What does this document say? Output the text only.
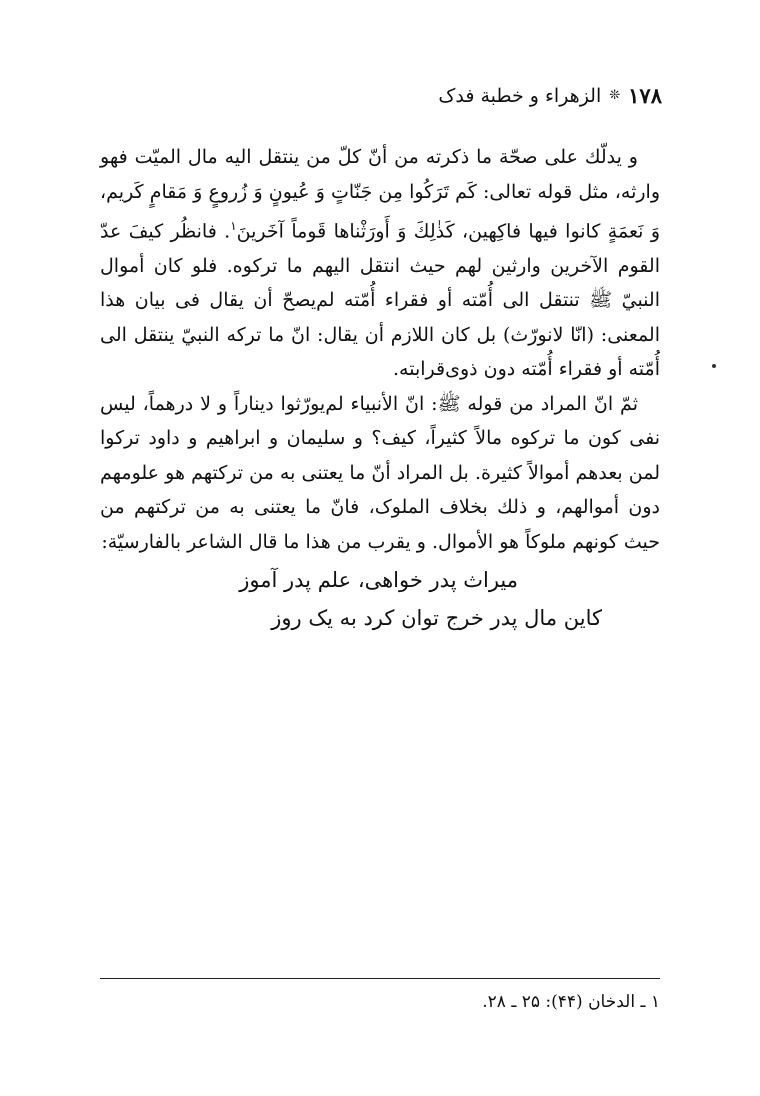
١٧٨
❊
الزهراء و خطبة فدک

و يدلّك على صحّة ما ذكرته من أنّ كلّ من ينتقل اليه مال الميّت فهو وارثه، مثل قوله تعالى: كَم تَرَكُوا مِن جَنّاتٍ وَ عُيونٍ وَ زُروعٍ وَ مَقامٍ كَريم، وَ نَعمَةٍ كانوا فيها فاكِهين، كَذٰلِكَ وَ أَورَثْناها قَوماً آخَرينَ$^١$. فانظُر كيفَ عدّ القوم الآخرين وارثين لهم حيث انتقل اليهم ما تركوه. فلو كان أموال النبيّ ﷺ تنتقل الى أُمّته أو فقراء أُمّته لم‌يصحّ أن يقال فى بيان هذا المعنى: (انّا لانورّث) بل كان اللازم أن يقال: انّ ما تركه النبيّ ينتقل الى أُمّته أو فقراء أُمّته دون ذوى‌قرابته.

ثمّ انّ المراد من قوله ﷺ: انّ الأنبياء لم‌يورّثوا ديناراً و لا درهماً، ليس نفى كون ما تركوه مالاً كثيراً، كيف؟ و سليمان و ابراهيم و داود تركوا لمن بعدهم أموالاً كثيرة. بل المراد أنّ ما يعتنى به من تركتهم هو علومهم دون أموالهم، و ذلك بخلاف الملوک، فانّ ما يعتنى به من تركتهم من حيث كونهم ملوكاً هو الأموال. و يقرب من هذا ما قال الشاعر بالفارسيّة:

ميراث پدر خواهى، علم پدر آموز
كاين مال پدر خرج توان كرد به يک روز
١ ـ الدخان (۴۴): ٢۵ ـ ٢٨.
